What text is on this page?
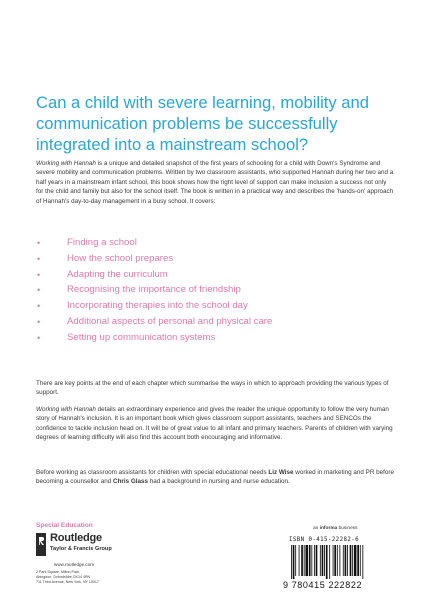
Can a child with severe learning, mobility and communication problems be successfully integrated into a mainstream school?

Working with Hannah is a unique and detailed snapshot of the first years of schooling for a child with Down's Syndrome and severe mobility and communication problems. Written by two classroom assistants, who supported Hannah during her two and a half years in a mainstream infant school, this book shows how the right level of support can make inclusion a success not only for the child and family but also for the school itself. The book is written in a practical way and describes the 'hands-on' approach of Hannah's day-to-day management in a busy school. It covers:

•	Finding a school
•	How the school prepares
•	Adapting the curriculum
•	Recognising the importance of friendship
•	Incorporating therapies into the school day
•	Additional aspects of personal and physical care
•	Setting up communication systems

There are key points at the end of each chapter which summarise the ways in which to approach providing the various types of support.

Working with Hannah details an extraordinary experience and gives the reader the unique opportunity to follow the very human story of Hannah's inclusion. It is an important book which gives classroom support assistants, teachers and SENCOs the confidence to tackle inclusion head on. It will be of great value to all infant and primary teachers. Parents of children with varying degrees of learning difficulty will also find this account both encouraging and informative.

Before working as classroom assistants for children with special educational needs Liz Wise worked in marketing and PR before becoming a counsellor and Chris Glass had a background in nursing and nurse education.

Special Education
Routledge
Taylor & Francis Group
www.routledge.com
2 Park Square, Milton Park,
Abingdon, Oxfordshire OX14 4RN
711 Third Avenue, New York, NY 10017
an informa business
ISBN 0-415-22282-6
9 780415 222822
